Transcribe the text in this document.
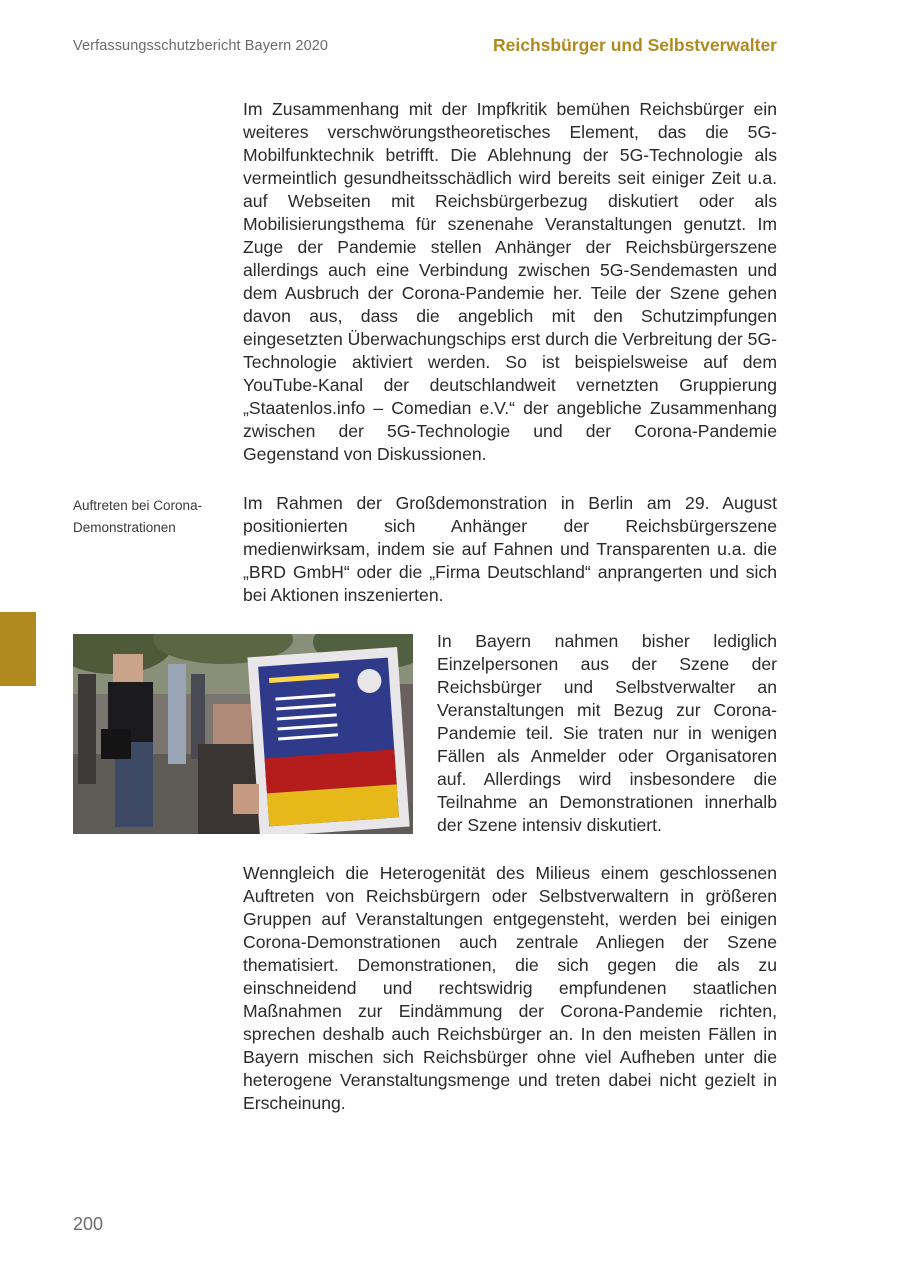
Verfassungsschutzbericht Bayern 2020	Reichsbürger und Selbstverwalter

Im Zusammenhang mit der Impfkritik bemühen Reichsbürger ein weiteres verschwörungstheoretisches Element, das die 5G-Mobilfunktechnik betrifft. Die Ablehnung der 5G-Technologie als vermeintlich gesundheitsschädlich wird bereits seit einiger Zeit u.a. auf Webseiten mit Reichsbürgerbezug diskutiert oder als Mobilisierungsthema für szenenahe Veranstaltungen genutzt. Im Zuge der Pandemie stellen Anhänger der Reichsbürgerszene allerdings auch eine Verbindung zwischen 5G-Sendemasten und dem Ausbruch der Corona-Pandemie her. Teile der Szene gehen davon aus, dass die angeblich mit den Schutzimpfungen eingesetzten Überwachungschips erst durch die Verbreitung der 5G-Technologie aktiviert werden. So ist beispielsweise auf dem YouTube-Kanal der deutschlandweit vernetzten Gruppierung „Staatenlos.info – Comedian e.V.“ der angebliche Zusammenhang zwischen der 5G-Technologie und der Corona-Pandemie Gegenstand von Diskussionen.

Auftreten bei Corona-Demonstrationen

Im Rahmen der Großdemonstration in Berlin am 29. August positionierten sich Anhänger der Reichsbürgerszene medienwirksam, indem sie auf Fahnen und Transparenten u.a. die „BRD GmbH“ oder die „Firma Deutschland“ anprangerten und sich bei Aktionen inszenierten.

In Bayern nahmen bisher lediglich Einzelpersonen aus der Szene der Reichsbürger und Selbstverwalter an Veranstaltungen mit Bezug zur Corona-Pandemie teil. Sie traten nur in wenigen Fällen als Anmelder oder Organisatoren auf. Allerdings wird insbesondere die Teilnahme an Demonstrationen innerhalb der Szene intensiv diskutiert.

Wenngleich die Heterogenität des Milieus einem geschlossenen Auftreten von Reichsbürgern oder Selbstverwaltern in größeren Gruppen auf Veranstaltungen entgegensteht, werden bei einigen Corona-Demonstrationen auch zentrale Anliegen der Szene thematisiert. Demonstrationen, die sich gegen die als zu einschneidend und rechtswidrig empfundenen staatlichen Maßnahmen zur Eindämmung der Corona-Pandemie richten, sprechen deshalb auch Reichsbürger an. In den meisten Fällen in Bayern mischen sich Reichsbürger ohne viel Aufheben unter die heterogene Veranstaltungsmenge und treten dabei nicht gezielt in Erscheinung.

200
